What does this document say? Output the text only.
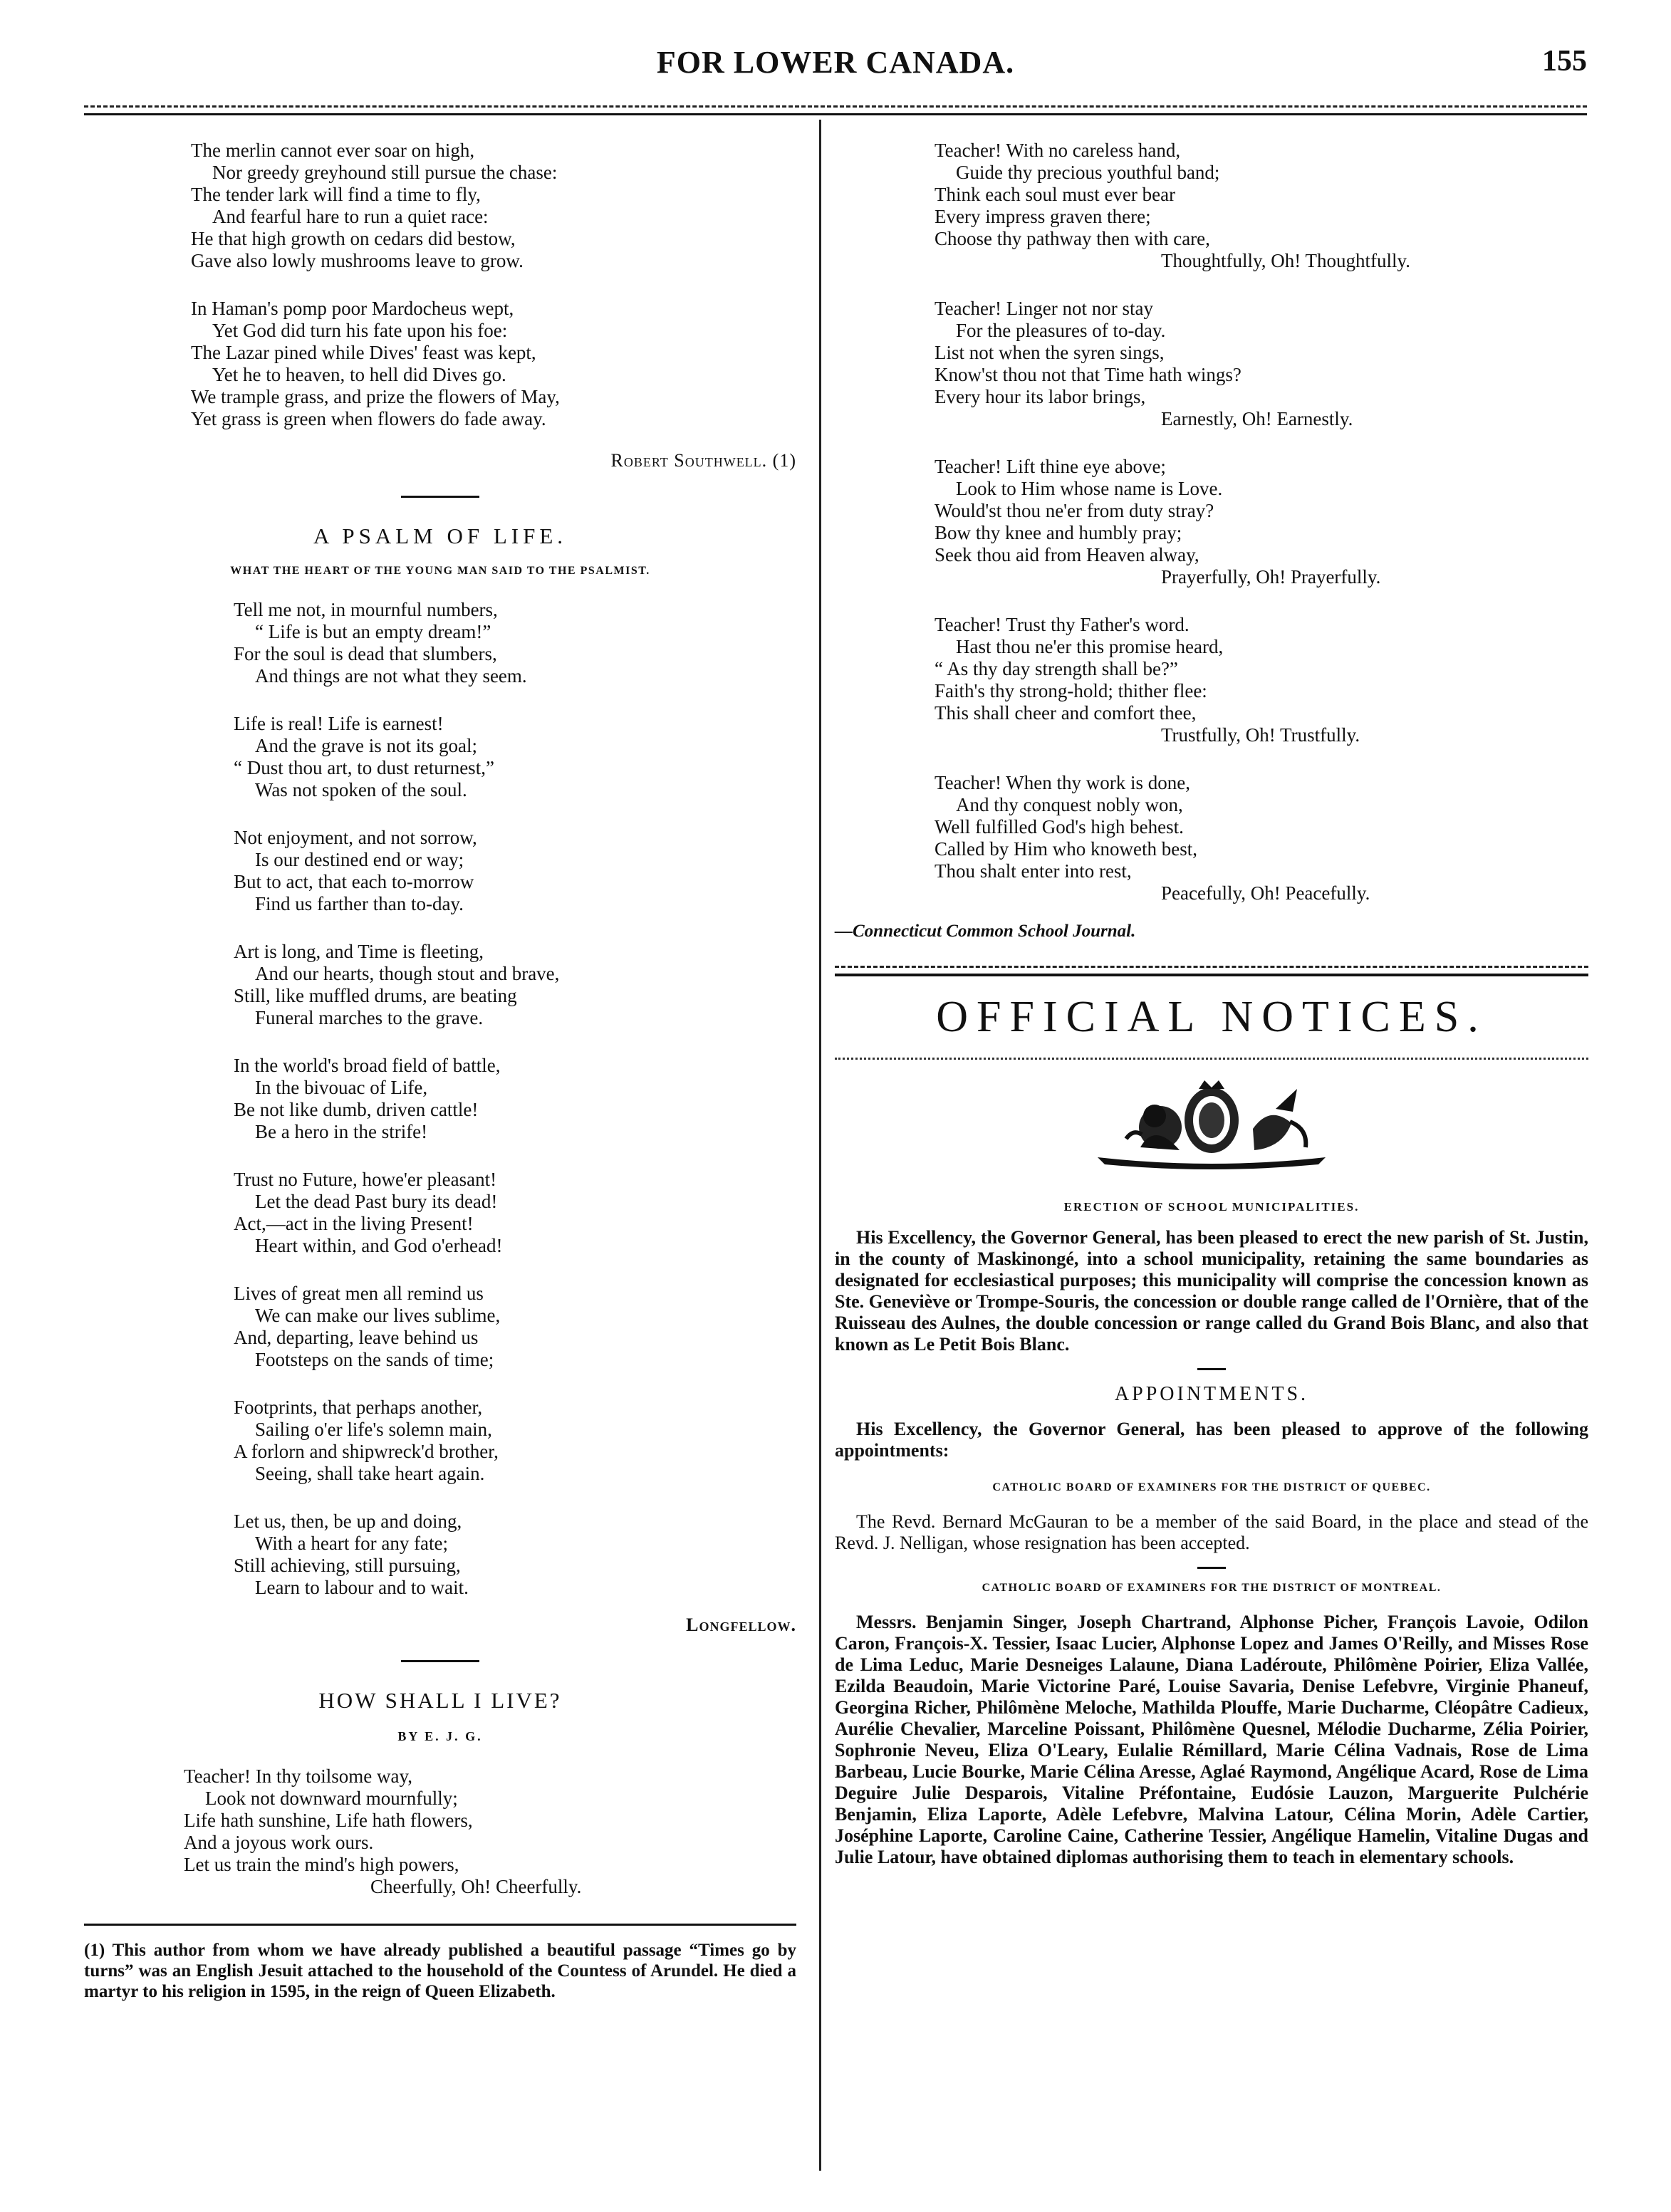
FOR LOWER CANADA.	155
The merlin cannot ever soar on high,
Nor greedy greyhound still pursue the chase:
The tender lark will find a time to fly,
And fearful hare to run a quiet race:
He that high growth on cedars did bestow,
Gave also lowly mushrooms leave to grow.
In Haman's pomp poor Mardocheus wept,
Yet God did turn his fate upon his foe:
The Lazar pined while Dives' feast was kept,
Yet he to heaven, to hell did Dives go.
We trample grass, and prize the flowers of May,
Yet grass is green when flowers do fade away.
Robert Southwell. (1)
A PSALM OF LIFE.
WHAT THE HEART OF THE YOUNG MAN SAID TO THE PSALMIST.
Tell me not, in mournful numbers,
“ Life is but an empty dream!”
For the soul is dead that slumbers,
And things are not what they seem.
Life is real! Life is earnest!
And the grave is not its goal;
“ Dust thou art, to dust returnest,”
Was not spoken of the soul.
Not enjoyment, and not sorrow,
Is our destined end or way;
But to act, that each to-morrow
Find us farther than to-day.
Art is long, and Time is fleeting,
And our hearts, though stout and brave,
Still, like muffled drums, are beating
Funeral marches to the grave.
In the world's broad field of battle,
In the bivouac of Life,
Be not like dumb, driven cattle!
Be a hero in the strife!
Trust no Future, howe'er pleasant!
Let the dead Past bury its dead!
Act,—act in the living Present!
Heart within, and God o'erhead!
Lives of great men all remind us
We can make our lives sublime,
And, departing, leave behind us
Footsteps on the sands of time;
Footprints, that perhaps another,
Sailing o'er life's solemn main,
A forlorn and shipwreck'd brother,
Seeing, shall take heart again.
Let us, then, be up and doing,
With a heart for any fate;
Still achieving, still pursuing,
Learn to labour and to wait.
Longfellow.
HOW SHALL I LIVE?
BY E. J. G.
Teacher! In thy toilsome way,
Look not downward mournfully;
Life hath sunshine, Life hath flowers,
And a joyous work ours.
Let us train the mind's high powers,
Cheerfully, Oh! Cheerfully.
(1) This author from whom we have already published a beautiful passage “Times go by turns” was an English Jesuit attached to the household of the Countess of Arundel. He died a martyr to his religion in 1595, in the reign of Queen Elizabeth.
Teacher! With no careless hand,
Guide thy precious youthful band;
Think each soul must ever bear
Every impress graven there;
Choose thy pathway then with care,
Thoughtfully, Oh! Thoughtfully.
Teacher! Linger not nor stay
For the pleasures of to-day.
List not when the syren sings,
Know'st thou not that Time hath wings?
Every hour its labor brings,
Earnestly, Oh! Earnestly.
Teacher! Lift thine eye above;
Look to Him whose name is Love.
Would'st thou ne'er from duty stray?
Bow thy knee and humbly pray;
Seek thou aid from Heaven alway,
Prayerfully, Oh! Prayerfully.
Teacher! Trust thy Father's word.
Hast thou ne'er this promise heard,
“ As thy day strength shall be?”
Faith's thy strong-hold; thither flee:
This shall cheer and comfort thee,
Trustfully, Oh! Trustfully.
Teacher! When thy work is done,
And thy conquest nobly won,
Well fulfilled God's high behest.
Called by Him who knoweth best,
Thou shalt enter into rest,
Peacefully, Oh! Peacefully.
—Connecticut Common School Journal.
OFFICIAL NOTICES.
ERECTION OF SCHOOL MUNICIPALITIES.

His Excellency, the Governor General, has been pleased to erect the new parish of St. Justin, in the county of Maskinongé, into a school municipality, retaining the same boundaries as designated for ecclesiastical purposes; this municipality will comprise the concession known as Ste. Geneviève or Trompe-Souris, the concession or double range called de l'Ornière, that of the Ruisseau des Aulnes, the double concession or range called du Grand Bois Blanc, and also that known as Le Petit Bois Blanc.

APPOINTMENTS.

His Excellency, the Governor General, has been pleased to approve of the following appointments:

CATHOLIC BOARD OF EXAMINERS FOR THE DISTRICT OF QUEBEC.

The Revd. Bernard McGauran to be a member of the said Board, in the place and stead of the Revd. J. Nelligan, whose resignation has been accepted.

CATHOLIC BOARD OF EXAMINERS FOR THE DISTRICT OF MONTREAL.

Messrs. Benjamin Singer, Joseph Chartrand, Alphonse Picher, François Lavoie, Odilon Caron, François-X. Tessier, Isaac Lucier, Alphonse Lopez and James O'Reilly, and Misses Rose de Lima Leduc, Marie Desneiges Lalaune, Diana Ladéroute, Philômène Poirier, Eliza Vallée, Ezilda Beaudoin, Marie Victorine Paré, Louise Savaria, Denise Lefebvre, Virginie Phaneuf, Georgina Richer, Philômène Meloche, Mathilda Plouffe, Marie Ducharme, Cléopâtre Cadieux, Aurélie Chevalier, Marceline Poissant, Philômène Quesnel, Mélodie Ducharme, Zélia Poirier, Sophronie Neveu, Eliza O'Leary, Eulalie Rémillard, Marie Célina Vadnais, Rose de Lima Barbeau, Lucie Bourke, Marie Célina Aresse, Aglaé Raymond, Angélique Acard, Rose de Lima Deguire Julie Desparois, Vitaline Préfontaine, Eudósie Lauzon, Marguerite Pulchérie Benjamin, Eliza Laporte, Adèle Lefebvre, Malvina Latour, Célina Morin, Adèle Cartier, Joséphine Laporte, Caroline Caine, Catherine Tessier, Angélique Hamelin, Vitaline Dugas and Julie Latour, have obtained diplomas authorising them to teach in elementary schools.
